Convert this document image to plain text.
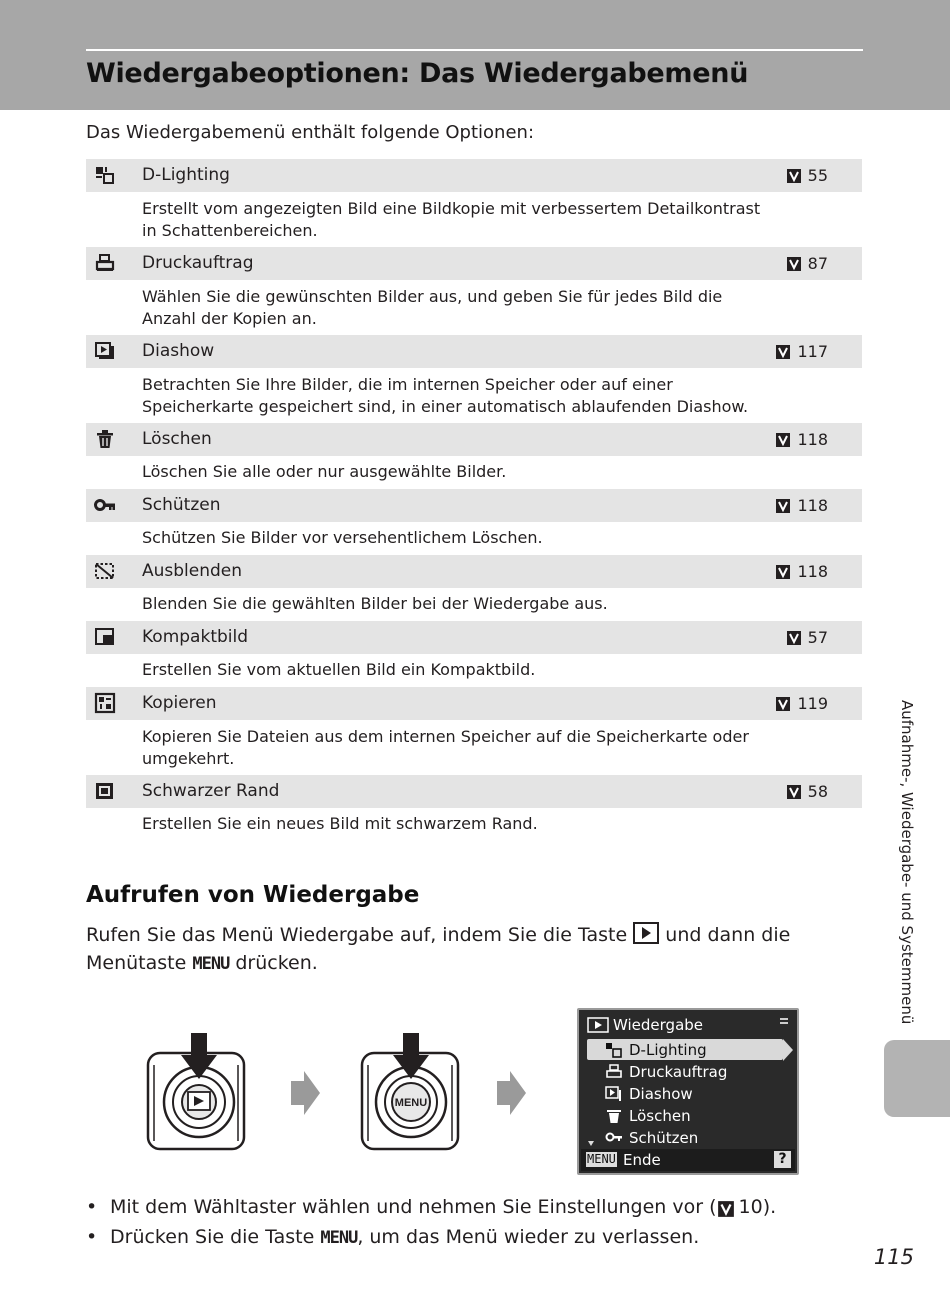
Wiedergabeoptionen: Das Wiedergabemenü
Das Wiedergabemenü enthält folgende Optionen:
D-Lighting	55
Erstellt vom angezeigten Bild eine Bildkopie mit verbessertem Detailkontrast in Schattenbereichen.
Druckauftrag	87
Wählen Sie die gewünschten Bilder aus, und geben Sie für jedes Bild die Anzahl der Kopien an.
Diashow	117
Betrachten Sie Ihre Bilder, die im internen Speicher oder auf einer Speicherkarte gespeichert sind, in einer automatisch ablaufenden Diashow.
Löschen	118
Löschen Sie alle oder nur ausgewählte Bilder.
Schützen	118
Schützen Sie Bilder vor versehentlichem Löschen.
Ausblenden	118
Blenden Sie die gewählten Bilder bei der Wiedergabe aus.
Kompaktbild	57
Erstellen Sie vom aktuellen Bild ein Kompaktbild.
Kopieren	119
Kopieren Sie Dateien aus dem internen Speicher auf die Speicherkarte oder umgekehrt.
Schwarzer Rand	58
Erstellen Sie ein neues Bild mit schwarzem Rand.
Aufrufen von Wiedergabe
Rufen Sie das Menü Wiedergabe auf, indem Sie die Taste und dann die Menütaste MENU drücken.
MENU
Wiedergabe
D-Lighting
Druckauftrag
Diashow
Löschen
Schützen
MENU Ende	?
• Mit dem Wähltaster wählen und nehmen Sie Einstellungen vor ( 10).
• Drücken Sie die Taste MENU, um das Menü wieder zu verlassen.
Aufnahme-, Wiedergabe- und Systemmenü
115
